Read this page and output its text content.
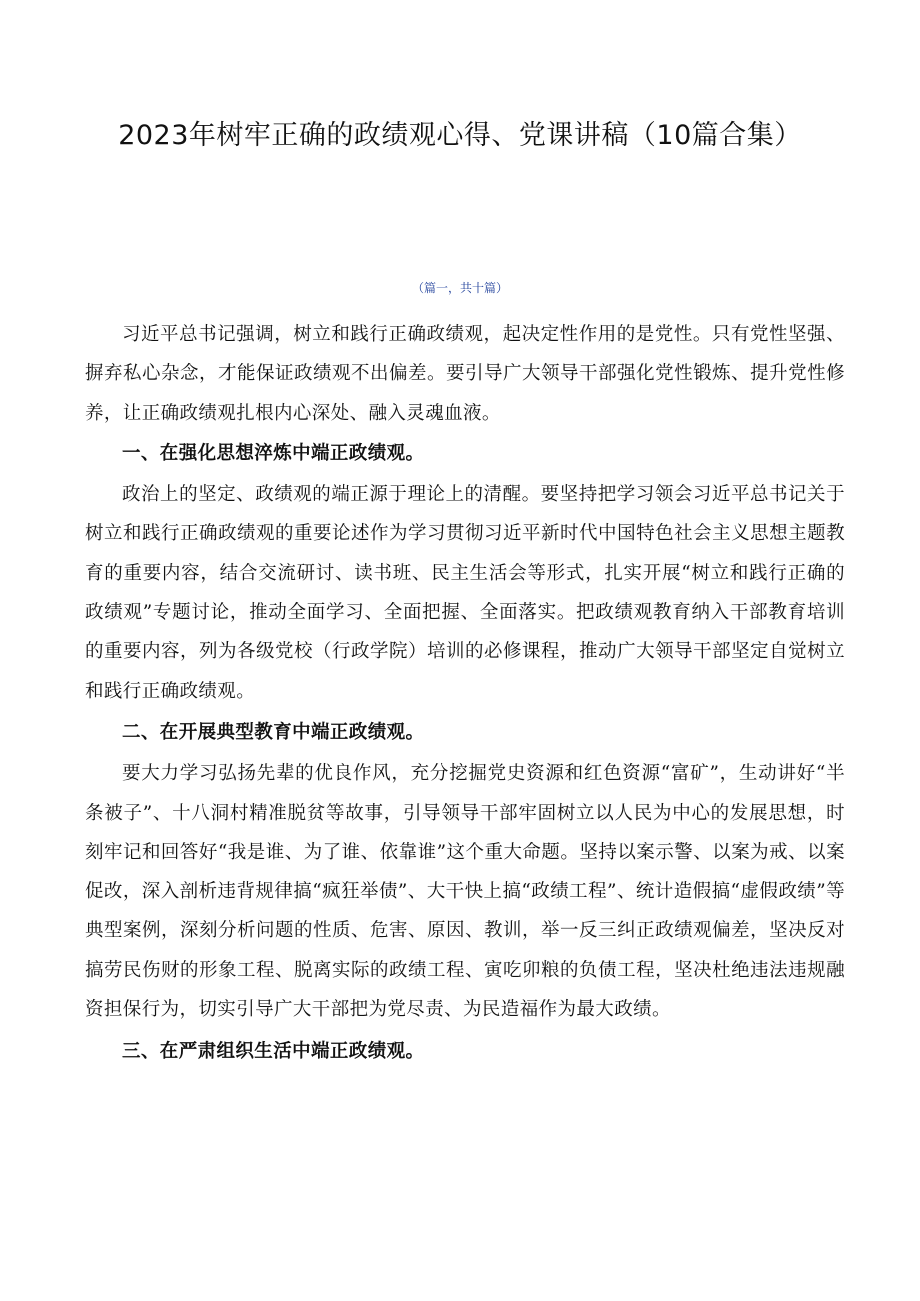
2023年树牢正确的政绩观心得、党课讲稿（10篇合集）

（篇一，共十篇）

习近平总书记强调，树立和践行正确政绩观，起决定性作用的是党性。只有党性坚强、摒弃私心杂念，才能保证政绩观不出偏差。要引导广大领导干部强化党性锻炼、提升党性修养，让正确政绩观扎根内心深处、融入灵魂血液。

一、在强化思想淬炼中端正政绩观。

政治上的坚定、政绩观的端正源于理论上的清醒。要坚持把学习领会习近平总书记关于树立和践行正确政绩观的重要论述作为学习贯彻习近平新时代中国特色社会主义思想主题教育的重要内容，结合交流研讨、读书班、民主生活会等形式，扎实开展“树立和践行正确的政绩观”专题讨论，推动全面学习、全面把握、全面落实。把政绩观教育纳入干部教育培训的重要内容，列为各级党校（行政学院）培训的必修课程，推动广大领导干部坚定自觉树立和践行正确政绩观。

二、在开展典型教育中端正政绩观。

要大力学习弘扬先辈的优良作风，充分挖掘党史资源和红色资源“富矿”，生动讲好“半条被子”、十八洞村精准脱贫等故事，引导领导干部牢固树立以人民为中心的发展思想，时刻牢记和回答好“我是谁、为了谁、依靠谁”这个重大命题。坚持以案示警、以案为戒、以案促改，深入剖析违背规律搞“疯狂举债”、大干快上搞“政绩工程”、统计造假搞“虚假政绩”等典型案例，深刻分析问题的性质、危害、原因、教训，举一反三纠正政绩观偏差，坚决反对搞劳民伤财的形象工程、脱离实际的政绩工程、寅吃卯粮的负债工程，坚决杜绝违法违规融资担保行为，切实引导广大干部把为党尽责、为民造福作为最大政绩。

三、在严肃组织生活中端正政绩观。
